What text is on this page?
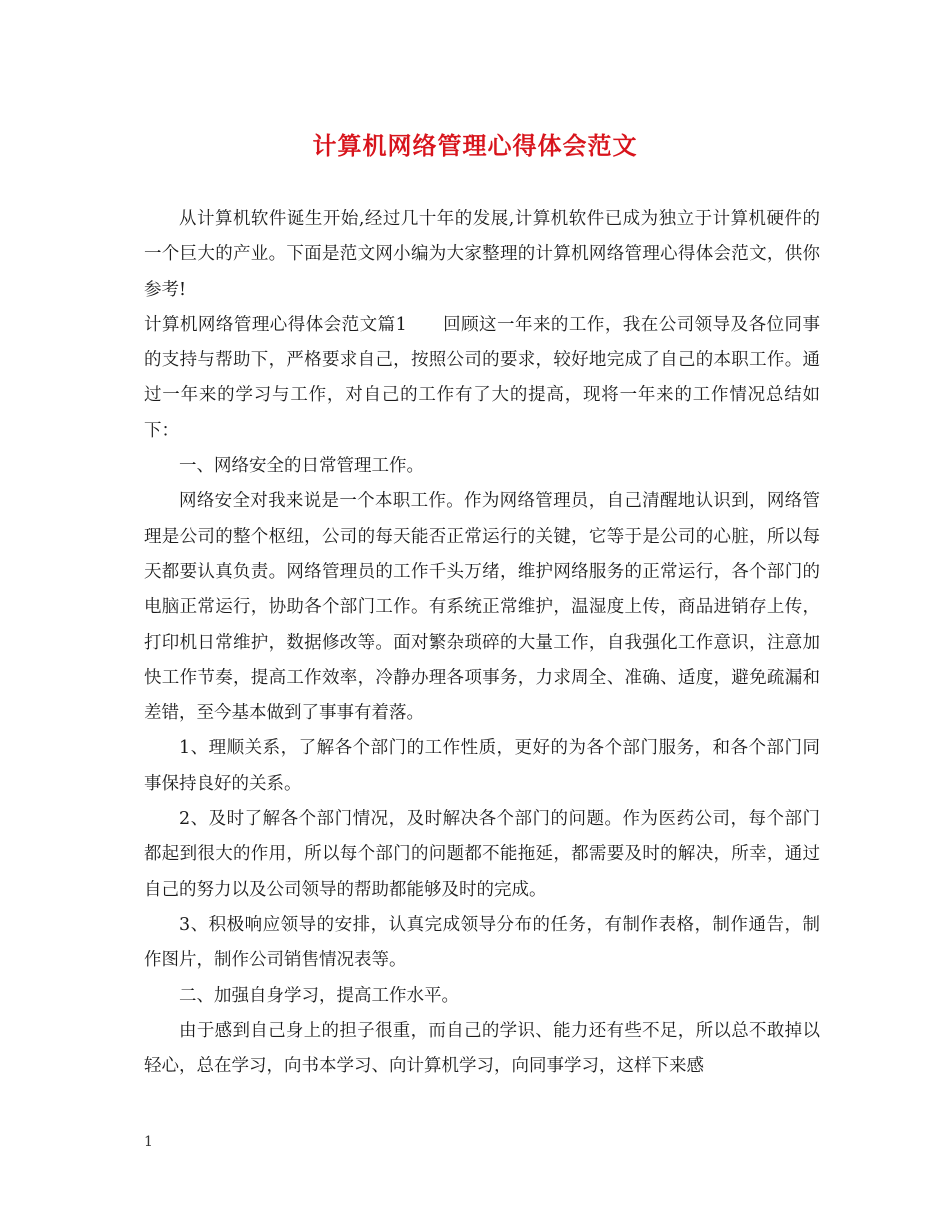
计算机网络管理心得体会范文

从计算机软件诞生开始,经过几十年的发展,计算机软件已成为独立于计算机硬件的一个巨大的产业。下面是范文网小编为大家整理的计算机网络管理心得体会范文，供你参考!

计算机网络管理心得体会范文篇1　　回顾这一年来的工作，我在公司领导及各位同事的支持与帮助下，严格要求自己，按照公司的要求，较好地完成了自己的本职工作。通过一年来的学习与工作，对自己的工作有了大的提高，现将一年来的工作情况总结如下：

一、网络安全的日常管理工作。

网络安全对我来说是一个本职工作。作为网络管理员，自己清醒地认识到，网络管理是公司的整个枢纽，公司的每天能否正常运行的关键，它等于是公司的心脏，所以每天都要认真负责。网络管理员的工作千头万绪，维护网络服务的正常运行，各个部门的电脑正常运行，协助各个部门工作。有系统正常维护，温湿度上传，商品进销存上传，打印机日常维护，数据修改等。面对繁杂琐碎的大量工作，自我强化工作意识，注意加快工作节奏，提高工作效率，冷静办理各项事务，力求周全、准确、适度，避免疏漏和差错，至今基本做到了事事有着落。

1、理顺关系，了解各个部门的工作性质，更好的为各个部门服务，和各个部门同事保持良好的关系。

2、及时了解各个部门情况，及时解决各个部门的问题。作为医药公司，每个部门都起到很大的作用，所以每个部门的问题都不能拖延，都需要及时的解决，所幸，通过自己的努力以及公司领导的帮助都能够及时的完成。

3、积极响应领导的安排，认真完成领导分布的任务，有制作表格，制作通告，制作图片，制作公司销售情况表等。

二、加强自身学习，提高工作水平。

由于感到自己身上的担子很重，而自己的学识、能力还有些不足，所以总不敢掉以轻心，总在学习，向书本学习、向计算机学习，向同事学习，这样下来感

1
